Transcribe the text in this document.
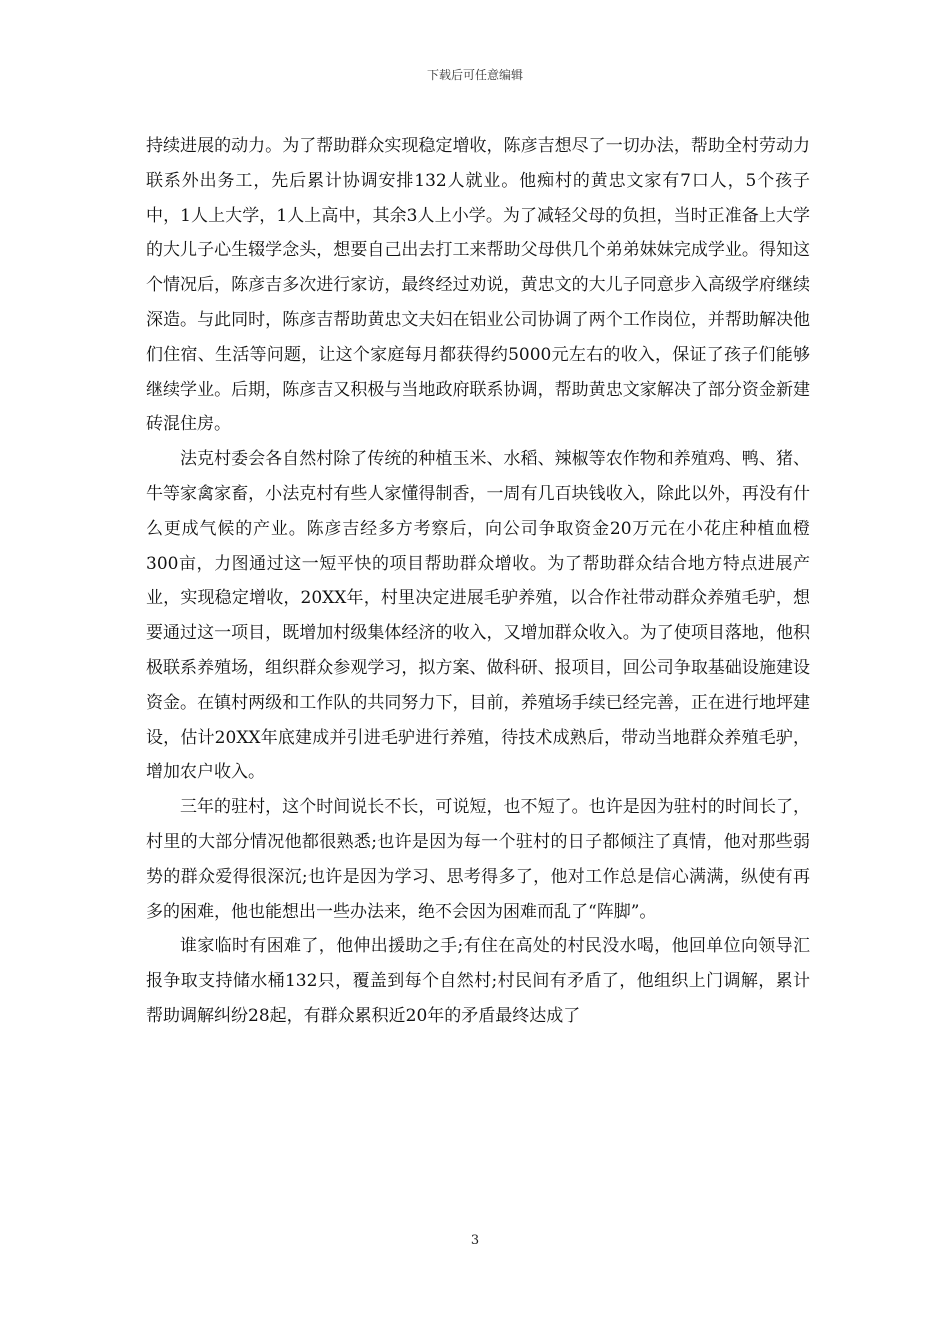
下载后可任意编辑

持续进展的动力。为了帮助群众实现稳定增收，陈彦吉想尽了一切办法，帮助全村劳动力联系外出务工，先后累计协调安排132人就业。他痴村的黄忠文家有7口人，5个孩子中，1人上大学，1人上高中，其余3人上小学。为了减轻父母的负担，当时正准备上大学的大儿子心生辍学念头，想要自己出去打工来帮助父母供几个弟弟妹妹完成学业。得知这个情况后，陈彦吉多次进行家访，最终经过劝说，黄忠文的大儿子同意步入高级学府继续深造。与此同时，陈彦吉帮助黄忠文夫妇在铝业公司协调了两个工作岗位，并帮助解决他们住宿、生活等问题，让这个家庭每月都获得约5000元左右的收入，保证了孩子们能够继续学业。后期，陈彦吉又积极与当地政府联系协调，帮助黄忠文家解决了部分资金新建砖混住房。

法克村委会各自然村除了传统的种植玉米、水稻、辣椒等农作物和养殖鸡、鸭、猪、牛等家禽家畜，小法克村有些人家懂得制香，一周有几百块钱收入，除此以外，再没有什么更成气候的产业。陈彦吉经多方考察后，向公司争取资金20万元在小花庄种植血橙300亩，力图通过这一短平快的项目帮助群众增收。为了帮助群众结合地方特点进展产业，实现稳定增收，20XX年，村里决定进展毛驴养殖，以合作社带动群众养殖毛驴，想要通过这一项目，既增加村级集体经济的收入，又增加群众收入。为了使项目落地，他积极联系养殖场，组织群众参观学习，拟方案、做科研、报项目，回公司争取基础设施建设资金。在镇村两级和工作队的共同努力下，目前，养殖场手续已经完善，正在进行地坪建设，估计20XX年底建成并引进毛驴进行养殖，待技术成熟后，带动当地群众养殖毛驴，增加农户收入。

三年的驻村，这个时间说长不长，可说短，也不短了。也许是因为驻村的时间长了，村里的大部分情况他都很熟悉;也许是因为每一个驻村的日子都倾注了真情，他对那些弱势的群众爱得很深沉;也许是因为学习、思考得多了，他对工作总是信心满满，纵使有再多的困难，他也能想出一些办法来，绝不会因为困难而乱了“阵脚”。

谁家临时有困难了，他伸出援助之手;有住在高处的村民没水喝，他回单位向领导汇报争取支持储水桶132只，覆盖到每个自然村;村民间有矛盾了，他组织上门调解，累计帮助调解纠纷28起，有群众累积近20年的矛盾最终达成了

3
